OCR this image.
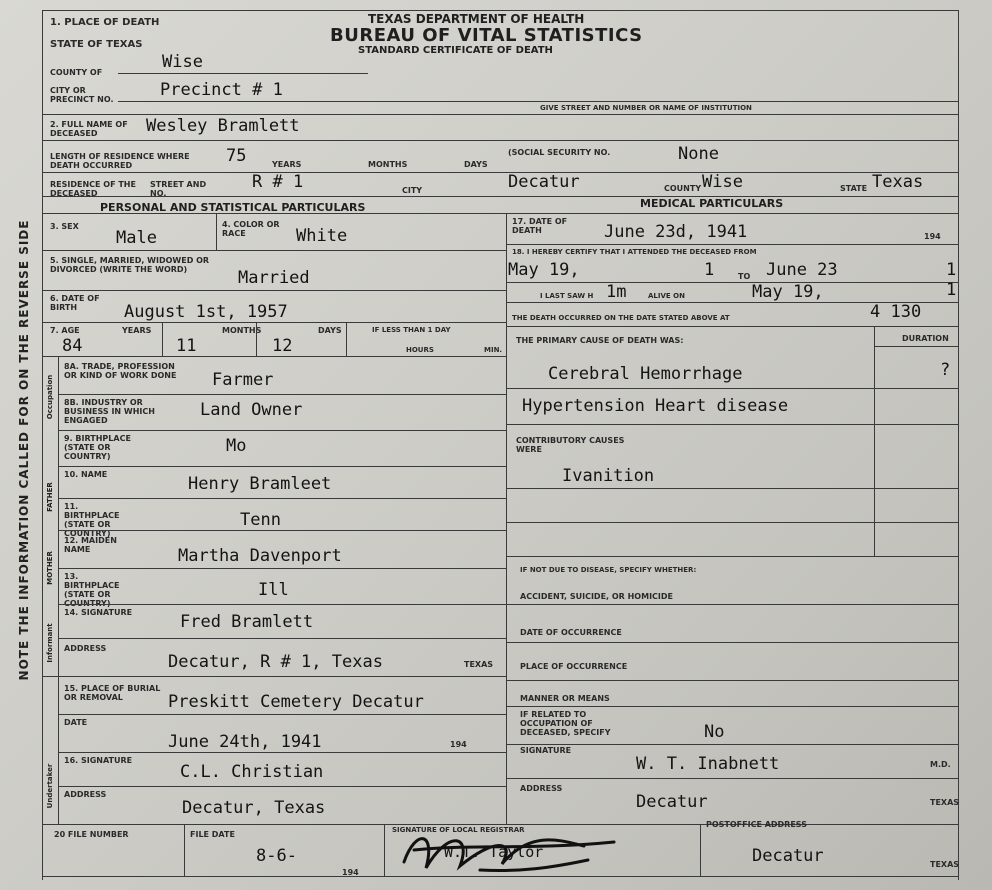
NOTE THE INFORMATION CALLED FOR ON THE REVERSE SIDE
TEXAS DEPARTMENT OF HEALTH
BUREAU OF VITAL STATISTICS
STANDARD CERTIFICATE OF DEATH
1. PLACE OF DEATH
STATE OF TEXAS
COUNTY OF
Wise
CITY OR PRECINCT NO.	Precinct # 1
GIVE STREET AND NUMBER OR NAME OF INSTITUTION
2. FULL NAME OF DECEASED	Wesley Bramlett
LENGTH OF RESIDENCE WHERE DEATH OCCURRED	75	YEARS	MONTHS	DAYS
(SOCIAL SECURITY NO.	None
RESIDENCE OF THE DECEASED
STREET AND NO.
R # 1	CITY	Decatur	COUNTY Wise	STATE Texas
PERSONAL AND STATISTICAL PARTICULARS	MEDICAL PARTICULARS
3. SEX
Male
4. COLOR OR RACE	White
5. SINGLE, MARRIED, WIDOWED OR DIVORCED (WRITE THE WORD)	Married
6. DATE OF BIRTH	August 1st, 1957
7. AGE	YEARS
84
MONTHS
11
DAYS
12
IF LESS THAN 1 DAY
HOURS	MIN.
Occupation
FATHER
MOTHER
Informant
Undertaker
8A. TRADE, PROFESSION OR KIND OF WORK DONE	Farmer
8B. INDUSTRY OR BUSINESS IN WHICH ENGAGED
Land Owner
9. BIRTHPLACE (STATE OR COUNTRY)
Mo
10. NAME	Henry Bramleet
11. BIRTHPLACE (STATE OR COUNTRY)
Tenn
12. MAIDEN NAME	Martha Davenport
13. BIRTHPLACE (STATE OR COUNTRY)
Ill
14. SIGNATURE	Fred Bramlett
ADDRESS
Decatur, R # 1, Texas	TEXAS
15. PLACE OF BURIAL OR REMOVAL	Preskitt Cemetery Decatur
DATE
June 24th, 1941	194
16. SIGNATURE
C.L. Christian
ADDRESS
Decatur, Texas
17. DATE OF DEATH	June 23d, 1941	194
18. I HEREBY CERTIFY THAT I ATTENDED THE DECEASED FROM
May 19,	1	TO June 23	1
I LAST SAW H 1m	ALIVE ON	May 19,	1
THE DEATH OCCURRED ON THE DATE STATED ABOVE AT	4 130
THE PRIMARY CAUSE OF DEATH WAS:	DURATION
Cerebral Hemorrhage	?
Hypertension Heart disease
CONTRIBUTORY CAUSES WERE
Ivanition
IF NOT DUE TO DISEASE, SPECIFY WHETHER:
ACCIDENT, SUICIDE, OR HOMICIDE
DATE OF OCCURRENCE
PLACE OF OCCURRENCE
MANNER OR MEANS
IF RELATED TO OCCUPATION OF DECEASED, SPECIFY	No
SIGNATURE
W. T. Inabnett	M.D.
ADDRESS
Decatur	TEXAS
20 FILE NUMBER	FILE DATE
8-6-
194
SIGNATURE OF LOCAL REGISTRAR
W.T. Taylor
POSTOFFICE ADDRESS
Decatur	TEXAS
